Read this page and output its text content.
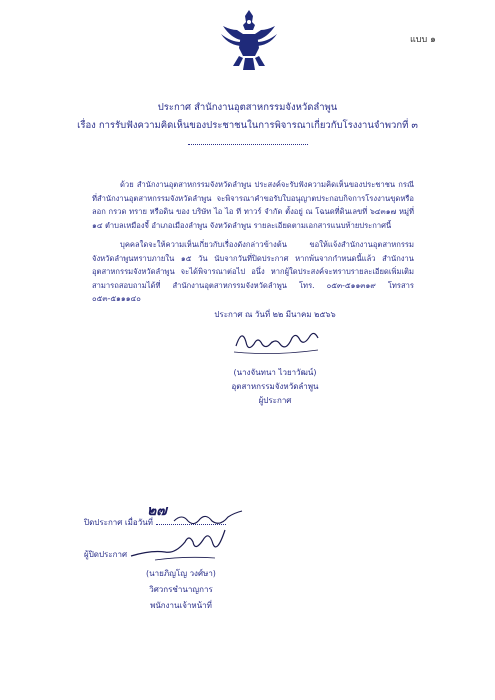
แบบ ๑
ประกาศ สำนักงานอุตสาหกรรมจังหวัดลำพูน
เรื่อง การรับฟังความคิดเห็นของประชาชนในการพิจารณาเกี่ยวกับโรงงานจำพวกที่ ๓

ด้วย สำนักงานอุตสาหกรรมจังหวัดลำพูน ประสงค์จะรับฟังความคิดเห็นของประชาชน กรณีที่สำนักงานอุตสาหกรรมจังหวัดลำพูน จะพิจารณาคำขอรับใบอนุญาตประกอบกิจการโรงงานขุดหรือลอก กรวด ทราย หรือดิน ของ บริษัท ไอ ไอ ที ทาวร์ จำกัด ตั้งอยู่ ณ โฉนดที่ดินเลขที่ ๖๔๓๑๗ หมู่ที่ ๑๔ ตำบลเหมืองจี้ อำเภอเมืองลำพูน จังหวัดลำพูน รายละเอียดตามเอกสารแนบท้ายประกาศนี้

บุคคลใดจะให้ความเห็นเกี่ยวกับเรื่องดังกล่าวข้างต้น ขอให้แจ้งสำนักงานอุตสาหกรรมจังหวัดลำพูนทราบภายใน ๑๕ วัน นับจากวันที่ปิดประกาศ หากพ้นจากกำหนดนี้แล้ว สำนักงานอุตสาหกรรมจังหวัดลำพูน จะได้พิจารณาต่อไป อนึ่ง หากผู้ใดประสงค์จะทราบรายละเอียดเพิ่มเติม สามารถสอบถามได้ที่ สำนักงานอุตสาหกรรมจังหวัดลำพูน โทร. ๐๕๓-๕๑๑๓๑๙ โทรสาร ๐๕๓-๕๑๑๑๔๐

ประกาศ ณ วันที่ ๒๒ มีนาคม ๒๕๖๖
(นางจันทนา ไวยาวัฒน์)
อุตสาหกรรมจังหวัดลำพูน
ผู้ประกาศ
ปิดประกาศ เมื่อวันที่
๒๗
ผู้ปิดประกาศ
(นายภิญโญ วงศ์ษา)
วิศวกรชำนาญการ
พนักงานเจ้าหน้าที่
